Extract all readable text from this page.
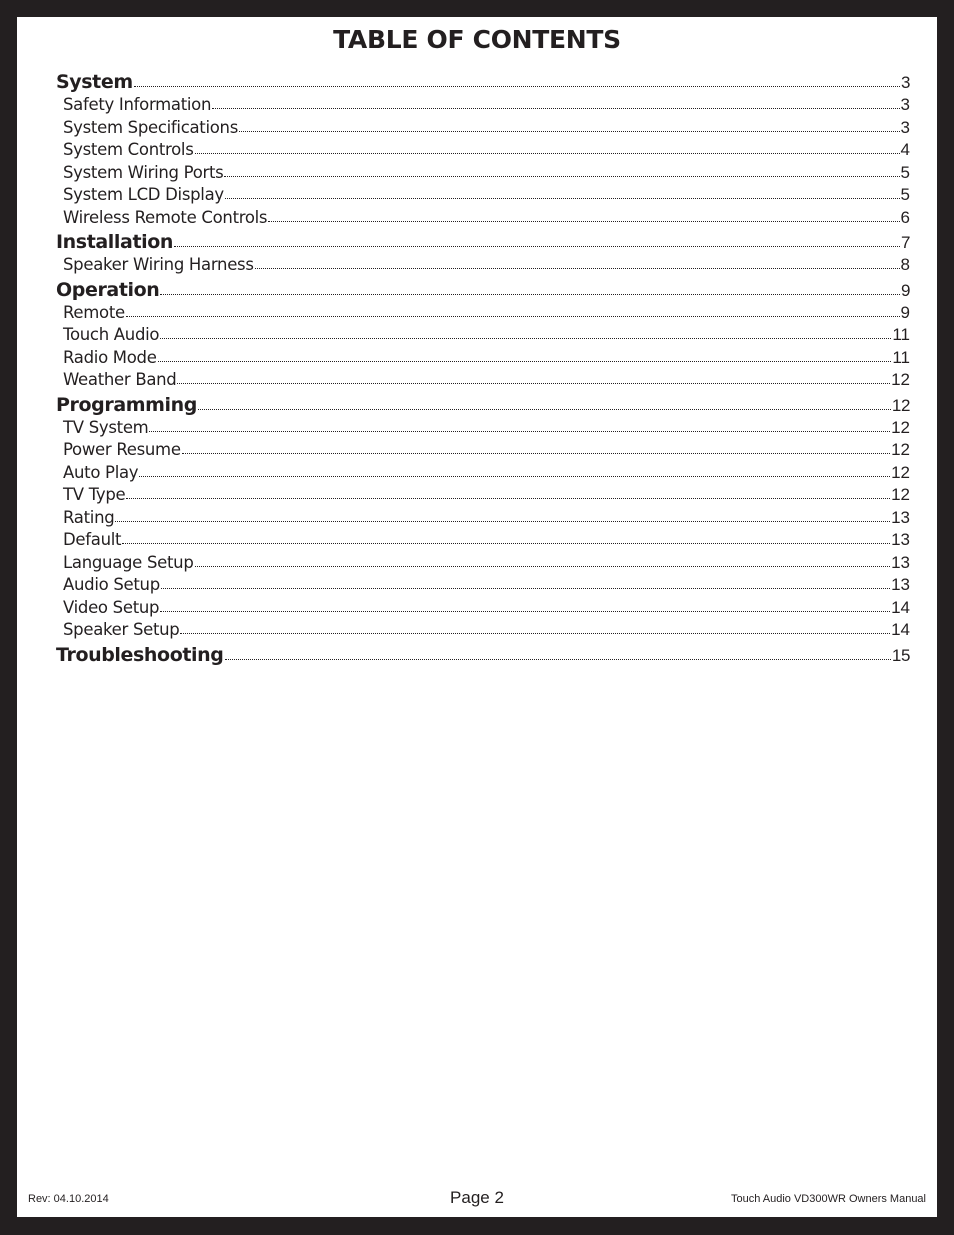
TABLE OF CONTENTS
System	3
Safety Information	3
System Specifications	3
System Controls	4
System Wiring Ports	5
System LCD Display	5
Wireless Remote Controls	6
Installation	7
Speaker Wiring Harness	8
Operation	9
Remote	9
Touch Audio	11
Radio Mode	11
Weather Band	12
Programming	12
TV System	12
Power Resume	12
Auto Play	12
TV Type	12
Rating	13
Default	13
Language Setup	13
Audio Setup	13
Video Setup	14
Speaker Setup	14
Troubleshooting	15
Rev: 04.10.2014	Page 2	Touch Audio VD300WR Owners Manual
